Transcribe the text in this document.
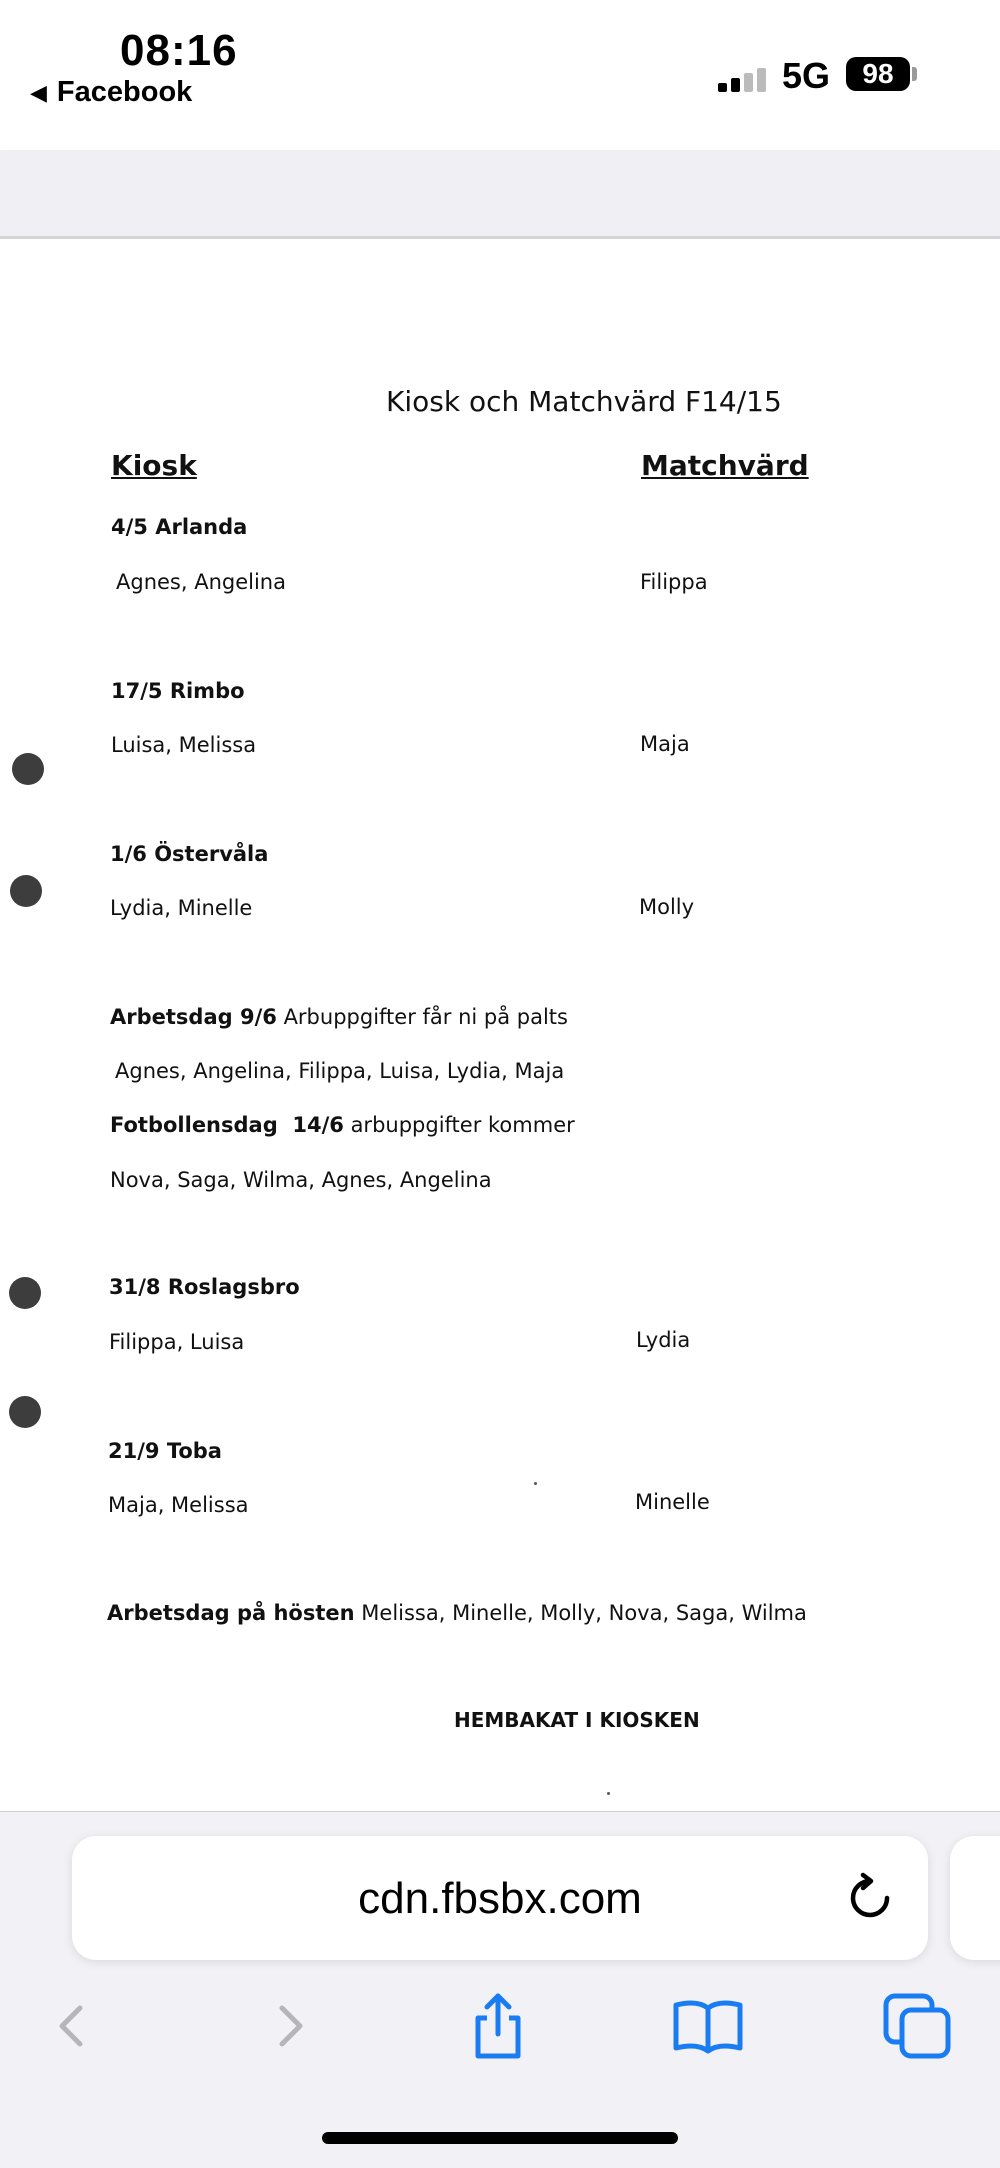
08:16
◀ Facebook	5G	98
Kiosk och Matchvärd F14/15
Kiosk	Matchvärd
4/5 Arlanda
Agnes, Angelina	Filippa
17/5 Rimbo
Luisa, Melissa	Maja
1/6 Östervåla
Lydia, Minelle	Molly
Arbetsdag 9/6 Arbuppgifter får ni på palts
Agnes, Angelina, Filippa, Luisa, Lydia, Maja
Fotbollensdag  14/6 arbuppgifter kommer
Nova, Saga, Wilma, Agnes, Angelina
31/8 Roslagsbro
Filippa, Luisa	Lydia
21/9 Toba
Maja, Melissa	Minelle
Arbetsdag på hösten Melissa, Minelle, Molly, Nova, Saga, Wilma
HEMBAKAT I KIOSKEN
cdn.fbsbx.com
